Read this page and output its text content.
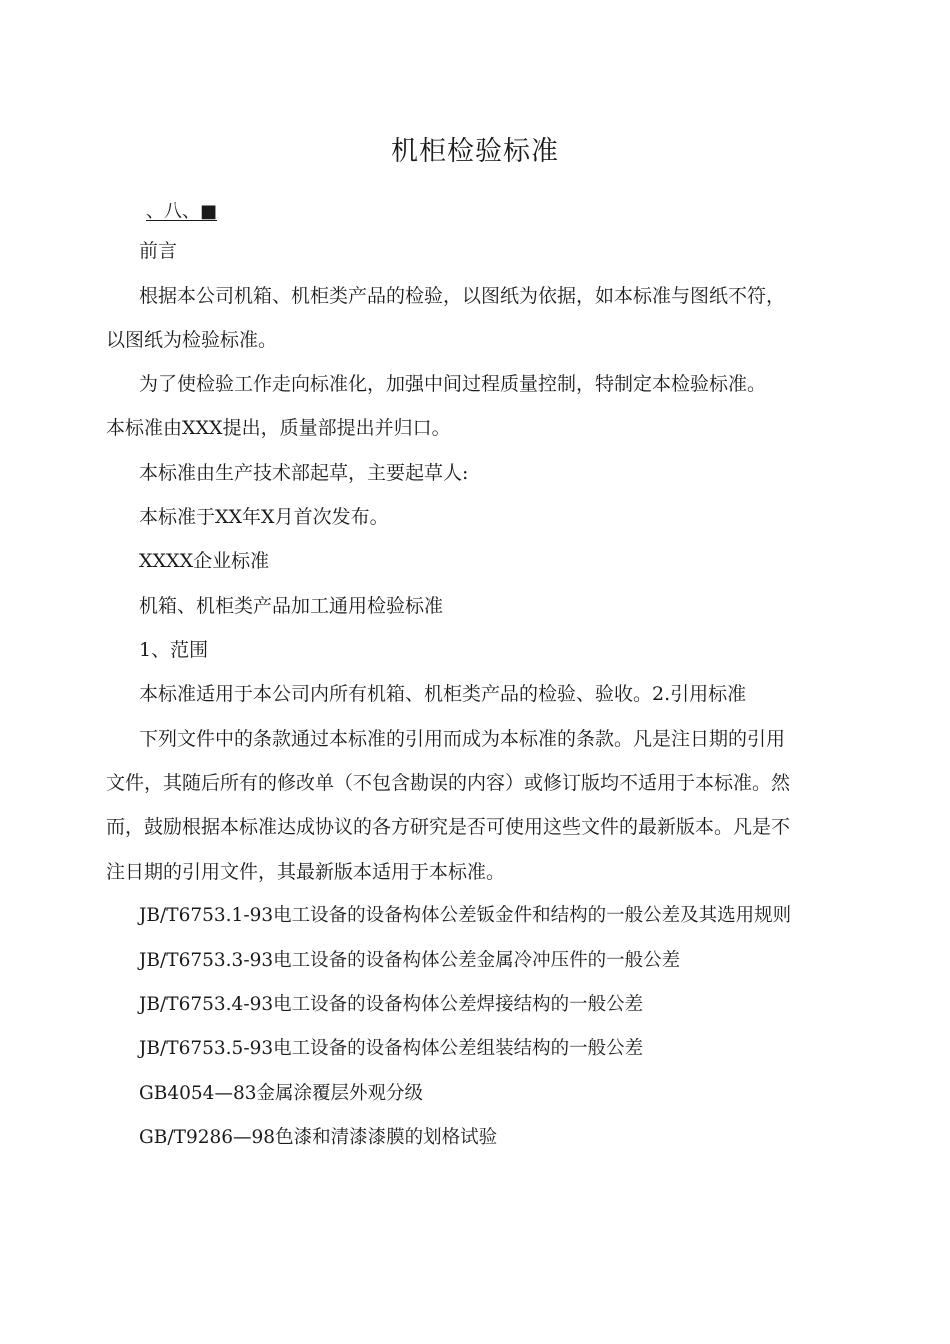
机柜检验标准
、八、■
前言
根据本公司机箱、机柜类产品的检验，以图纸为依据，如本标准与图纸不符，
以图纸为检验标准。
为了使检验工作走向标准化，加强中间过程质量控制，特制定本检验标准。
本标准由XXX提出，质量部提出并归口。
本标准由生产技术部起草，主要起草人:
本标准于XX年X月首次发布。
XXXX企业标准
机箱、机柜类产品加工通用检验标准
1、范围
本标准适用于本公司内所有机箱、机柜类产品的检验、验收。2.引用标准
下列文件中的条款通过本标准的引用而成为本标准的条款。凡是注日期的引用
文件，其随后所有的修改单（不包含勘误的内容）或修订版均不适用于本标准。然
而，鼓励根据本标准达成协议的各方研究是否可使用这些文件的最新版本。凡是不
注日期的引用文件，其最新版本适用于本标准。
JB/T6753.1-93电工设备的设备构体公差钣金件和结构的一般公差及其选用规则
JB/T6753.3-93电工设备的设备构体公差金属冷冲压件的一般公差
JB/T6753.4-93电工设备的设备构体公差焊接结构的一般公差
JB/T6753.5-93电工设备的设备构体公差组装结构的一般公差
GB4054—83金属涂覆层外观分级
GB/T9286—98色漆和清漆漆膜的划格试验
